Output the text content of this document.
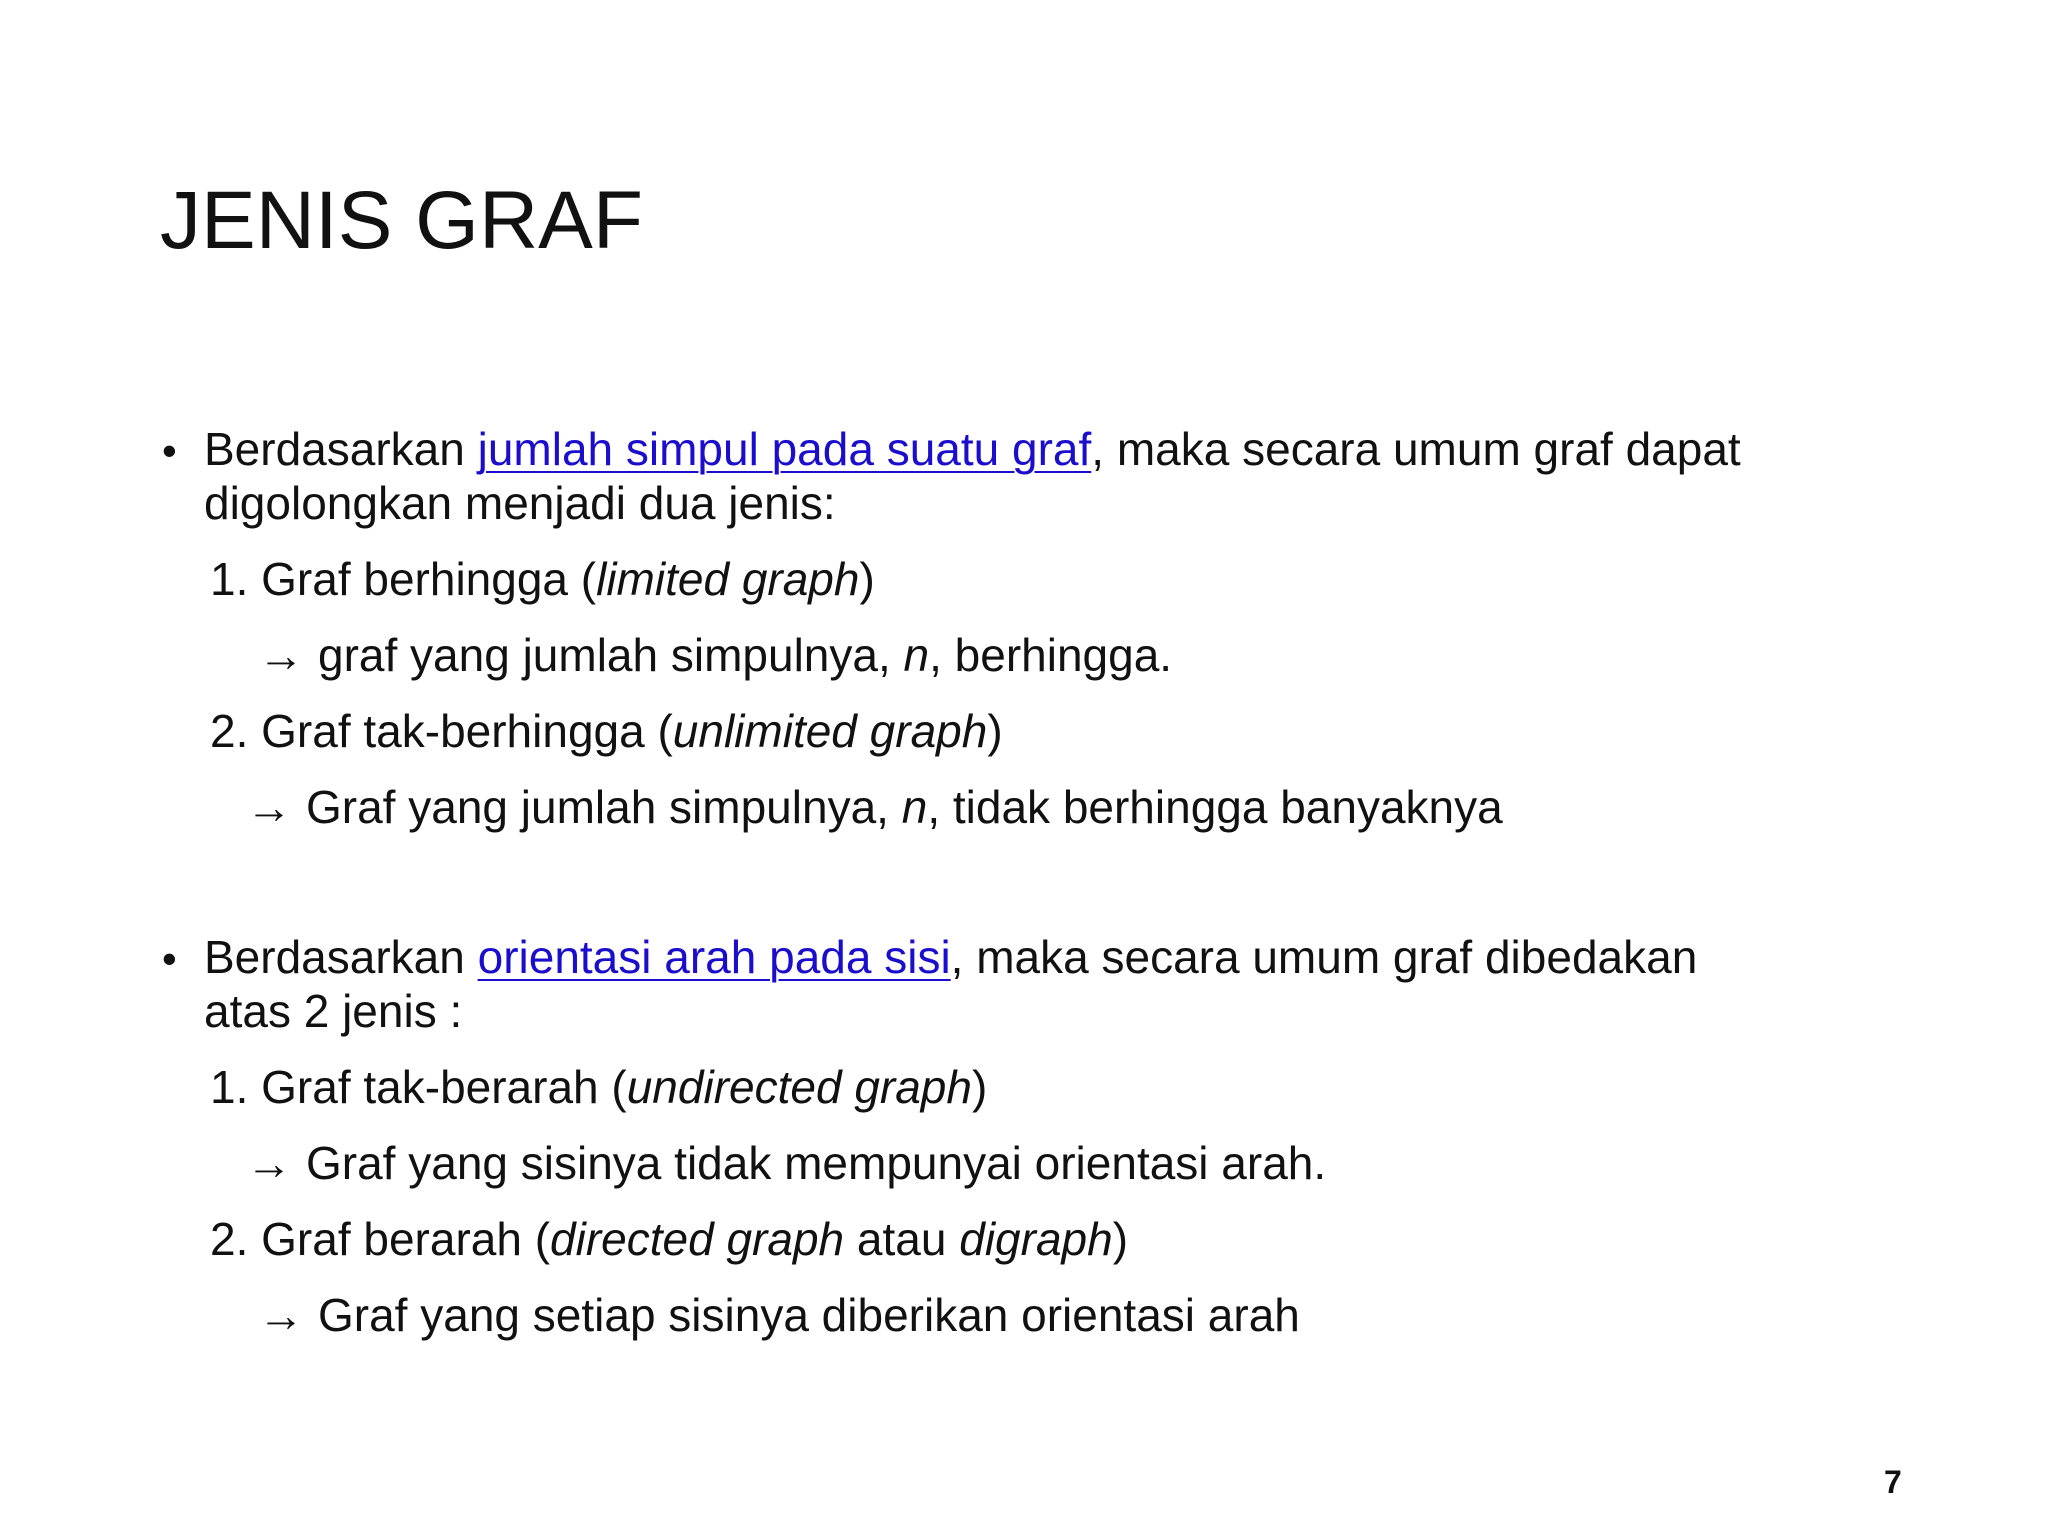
JENIS GRAF
• Berdasarkan jumlah simpul pada suatu graf, maka secara umum graf dapat
digolongkan menjadi dua jenis:
1. Graf berhingga (limited graph)
→ graf yang jumlah simpulnya, n, berhingga.
2. Graf tak-berhingga (unlimited graph)
→ Graf yang jumlah simpulnya, n, tidak berhingga banyaknya
• Berdasarkan orientasi arah pada sisi, maka secara umum graf dibedakan
atas 2 jenis :
1. Graf tak-berarah (undirected graph)
→ Graf yang sisinya tidak mempunyai orientasi arah.
2. Graf berarah (directed graph atau digraph)
→ Graf yang setiap sisinya diberikan orientasi arah
7
